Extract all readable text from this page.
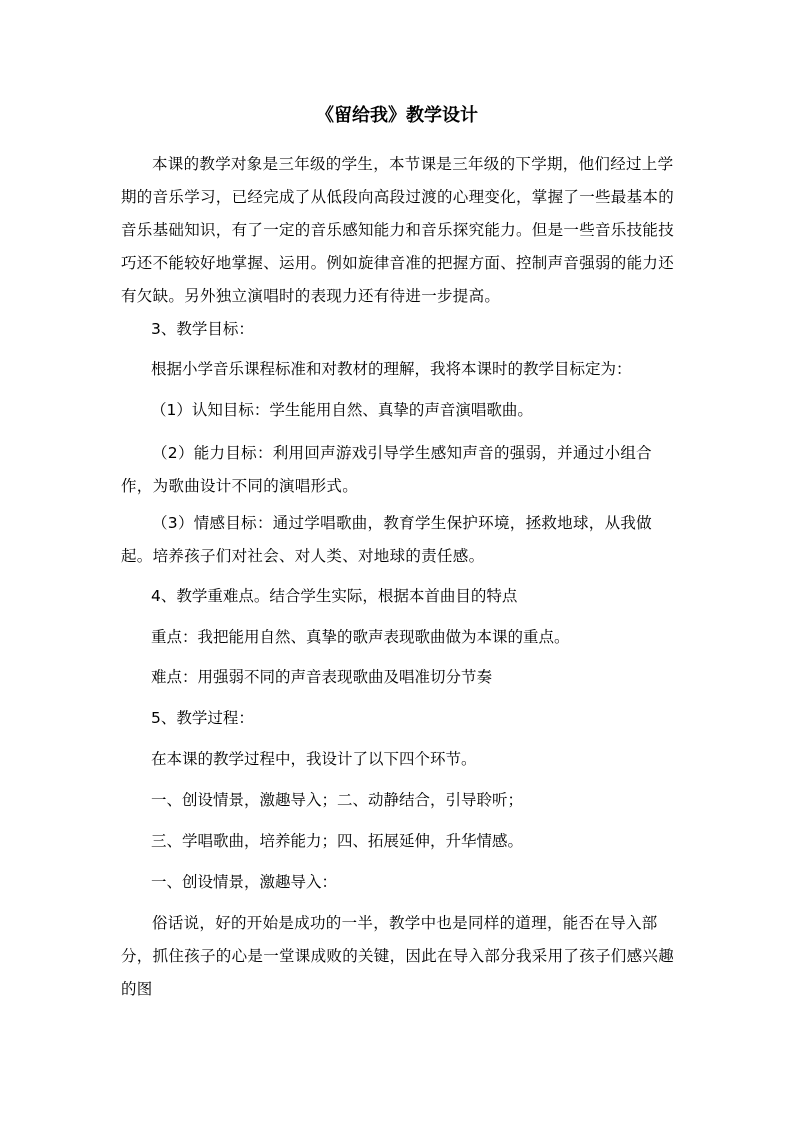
《留给我》教学设计

本课的教学对象是三年级的学生，本节课是三年级的下学期，他们经过上学期的音乐学习，已经完成了从低段向高段过渡的心理变化，掌握了一些最基本的音乐基础知识，有了一定的音乐感知能力和音乐探究能力。但是一些音乐技能技巧还不能较好地掌握、运用。例如旋律音准的把握方面、控制声音强弱的能力还有欠缺。另外独立演唱时的表现力还有待进一步提高。

3、教学目标：
根据小学音乐课程标准和对教材的理解，我将本课时的教学目标定为：
（1）认知目标：学生能用自然、真挚的声音演唱歌曲。

（2）能力目标：利用回声游戏引导学生感知声音的强弱，并通过小组合作，为歌曲设计不同的演唱形式。

（3）情感目标：通过学唱歌曲，教育学生保护环境，拯救地球，从我做起。培养孩子们对社会、对人类、对地球的责任感。

4、教学重难点。结合学生实际，根据本首曲目的特点
重点：我把能用自然、真挚的歌声表现歌曲做为本课的重点。
难点：用强弱不同的声音表现歌曲及唱准切分节奏
5、教学过程：
在本课的教学过程中，我设计了以下四个环节。
一、创设情景，激趣导入；二、动静结合，引导聆听；
三、学唱歌曲，培养能力；四、拓展延伸，升华情感。
一、创设情景，激趣导入：

俗话说，好的开始是成功的一半，教学中也是同样的道理，能否在导入部分，抓住孩子的心是一堂课成败的关键，因此在导入部分我采用了孩子们感兴趣的图
